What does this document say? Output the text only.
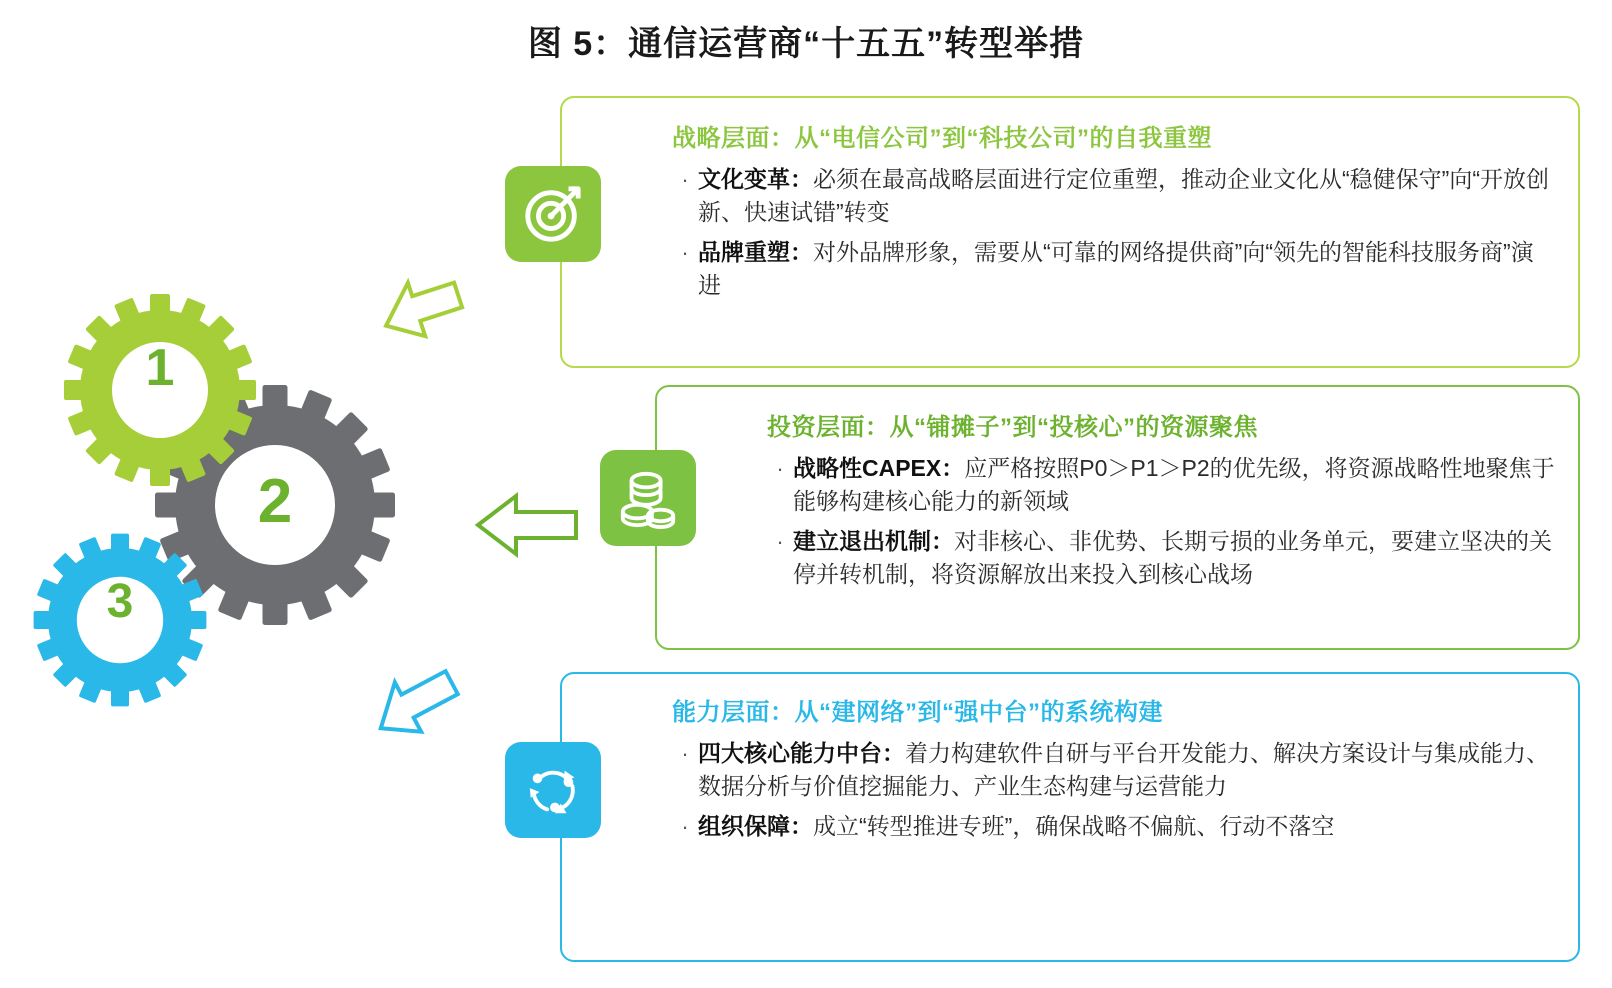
图 5：通信运营商“十五五”转型举措
2
1
3
战略层面：从“电信公司”到“科技公司”的自我重塑
· 文化变革：必须在最高战略层面进行定位重塑，推动企业文化从“稳健保守”向“开放创新、快速试错”转变
· 品牌重塑：对外品牌形象，需要从“可靠的网络提供商”向“领先的智能科技服务商”演进
投资层面：从“铺摊子”到“投核心”的资源聚焦
· 战略性CAPEX：应严格按照P0＞P1＞P2的优先级，将资源战略性地聚焦于能够构建核心能力的新领域
· 建立退出机制：对非核心、非优势、长期亏损的业务单元，要建立坚决的关停并转机制，将资源解放出来投入到核心战场
能力层面：从“建网络”到“强中台”的系统构建
· 四大核心能力中台：着力构建软件自研与平台开发能力、解决方案设计与集成能力、数据分析与价值挖掘能力、产业生态构建与运营能力
· 组织保障：成立“转型推进专班”，确保战略不偏航、行动不落空
